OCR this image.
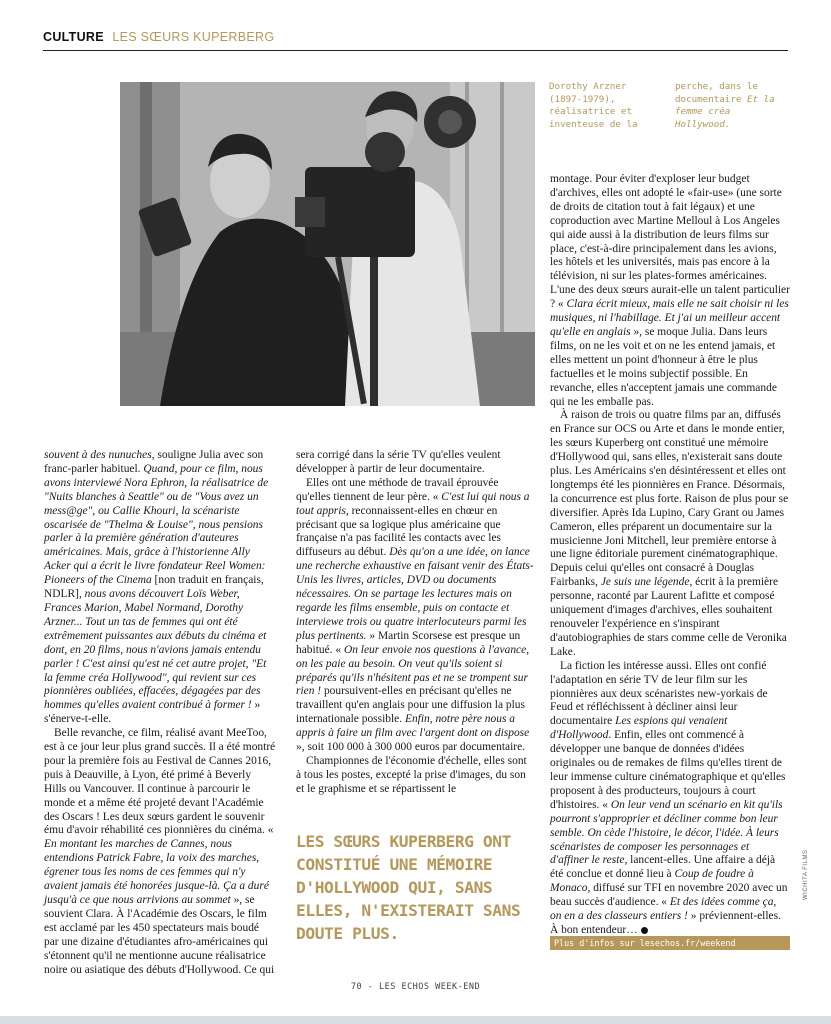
CULTURE LES SŒURS KUPERBERG
Dorothy Arzner (1897-1979), réalisatrice et inventeuse de la
perche, dans le documentaire Et la femme créa Hollywood.

souvent à des nunuches, souligne Julia avec son franc-parler habituel. Quand, pour ce film, nous avons interviewé Nora Ephron, la réalisatrice de "Nuits blanches à Seattle" ou de "Vous avez un mess@ge", ou Callie Khouri, la scénariste oscarisée de "Thelma & Louise", nous pensions parler à la première génération d'auteures américaines. Mais, grâce à l'historienne Ally Acker qui a écrit le livre fondateur Reel Women: Pioneers of the Cinema [non traduit en français, NDLR], nous avons découvert Loïs Weber, Frances Marion, Mabel Normand, Dorothy Arzner... Tout un tas de femmes qui ont été extrêmement puissantes aux débuts du cinéma et dont, en 20 films, nous n'avions jamais entendu parler ! C'est ainsi qu'est né cet autre projet, "Et la femme créa Hollywood", qui revient sur ces pionnières oubliées, effacées, dégagées par des hommes qu'elles avaient contribué à former ! » s'énerve-t-elle.

Belle revanche, ce film, réalisé avant MeeToo, est à ce jour leur plus grand succès. Il a été montré pour la première fois au Festival de Cannes 2016, puis à Deauville, à Lyon, été primé à Beverly Hills ou Vancouver. Il continue à parcourir le monde et a même été projeté devant l'Académie des Oscars ! Les deux sœurs gardent le souvenir ému d'avoir réhabilité ces pionnières du cinéma. « En montant les marches de Cannes, nous entendions Patrick Fabre, la voix des marches, égrener tous les noms de ces femmes qui n'y avaient jamais été honorées jusque-là. Ça a duré jusqu'à ce que nous arrivions au sommet », se souvient Clara. À l'Académie des Oscars, le film est acclamé par les 450 spectateurs mais boudé par une dizaine d'étudiantes afro-américaines qui s'étonnent qu'il ne mentionne aucune réalisatrice noire ou asiatique des débuts d'Hollywood. Ce qui

sera corrigé dans la série TV qu'elles veulent développer à partir de leur documentaire.

Elles ont une méthode de travail éprouvée qu'elles tiennent de leur père. « C'est lui qui nous a tout appris, reconnaissent-elles en chœur en précisant que sa logique plus américaine que française n'a pas facilité les contacts avec les diffuseurs au début. Dès qu'on a une idée, on lance une recherche exhaustive en faisant venir des États-Unis les livres, articles, DVD ou documents nécessaires. On se partage les lectures mais on regarde les films ensemble, puis on contacte et interviewe trois ou quatre interlocuteurs parmi les plus pertinents. » Martin Scorsese est presque un habitué. « On leur envoie nos questions à l'avance, on les paie au besoin. On veut qu'ils soient si préparés qu'ils n'hésitent pas et ne se trompent sur rien ! poursuivent-elles en précisant qu'elles ne travaillent qu'en anglais pour une diffusion la plus internationale possible. Enfin, notre père nous a appris à faire un film avec l'argent dont on dispose », soit 100 000 à 300 000 euros par documentaire.

Championnes de l'économie d'échelle, elles sont à tous les postes, excepté la prise d'images, du son et le graphisme et se répartissent le

LES SŒURS KUPERBERG ONT CONSTITUÉ UNE MÉMOIRE D'HOLLYWOOD QUI, SANS ELLES, N'EXISTERAIT SANS DOUTE PLUS.

montage. Pour éviter d'exploser leur budget d'archives, elles ont adopté le «fair-use» (une sorte de droits de citation tout à fait légaux) et une coproduction avec Martine Melloul à Los Angeles qui aide aussi à la distribution de leurs films sur place, c'est-à-dire principalement dans les avions, les hôtels et les universités, mais pas encore à la télévision, ni sur les plates-formes américaines. L'une des deux sœurs aurait-elle un talent particulier ? « Clara écrit mieux, mais elle ne sait choisir ni les musiques, ni l'habillage. Et j'ai un meilleur accent qu'elle en anglais », se moque Julia. Dans leurs films, on ne les voit et on ne les entend jamais, et elles mettent un point d'honneur à être le plus factuelles et le moins subjectif possible. En revanche, elles n'acceptent jamais une commande qui ne les emballe pas.

À raison de trois ou quatre films par an, diffusés en France sur OCS ou Arte et dans le monde entier, les sœurs Kuperberg ont constitué une mémoire d'Hollywood qui, sans elles, n'existerait sans doute plus. Les Américains s'en désintéressent et elles ont longtemps été les pionnières en France. Désormais, la concurrence est plus forte. Raison de plus pour se diversifier. Après Ida Lupino, Cary Grant ou James Cameron, elles préparent un documentaire sur la musicienne Joni Mitchell, leur première entorse à une ligne éditoriale purement cinématographique. Depuis celui qu'elles ont consacré à Douglas Fairbanks, Je suis une légende, écrit à la première personne, raconté par Laurent Lafitte et composé uniquement d'images d'archives, elles souhaitent renouveler l'expérience en s'inspirant d'autobiographies de stars comme celle de Veronika Lake.

La fiction les intéresse aussi. Elles ont confié l'adaptation en série TV de leur film sur les pionnières aux deux scénaristes new-yorkais de Feud et réfléchissent à décliner ainsi leur documentaire Les espions qui venaient d'Hollywood. Enfin, elles ont commencé à développer une banque de données d'idées originales ou de remakes de films qu'elles tirent de leur immense culture cinématographique et qu'elles proposent à des producteurs, toujours à court d'histoires. « On leur vend un scénario en kit qu'ils pourront s'approprier et décliner comme bon leur semble. On cède l'histoire, le décor, l'idée. À leurs scénaristes de composer les personnages et d'affiner le reste, lancent-elles. Une affaire a déjà été conclue et donné lieu à Coup de foudre à Monaco, diffusé sur TFI en novembre 2020 avec un beau succès d'audience. « Et des idées comme ça, on en a des classeurs entiers ! » préviennent-elles. À bon entendeur…

Plus d'infos sur lesechos.fr/weekend
WICHITA FILMS
70 - LES ECHOS WEEK-END
